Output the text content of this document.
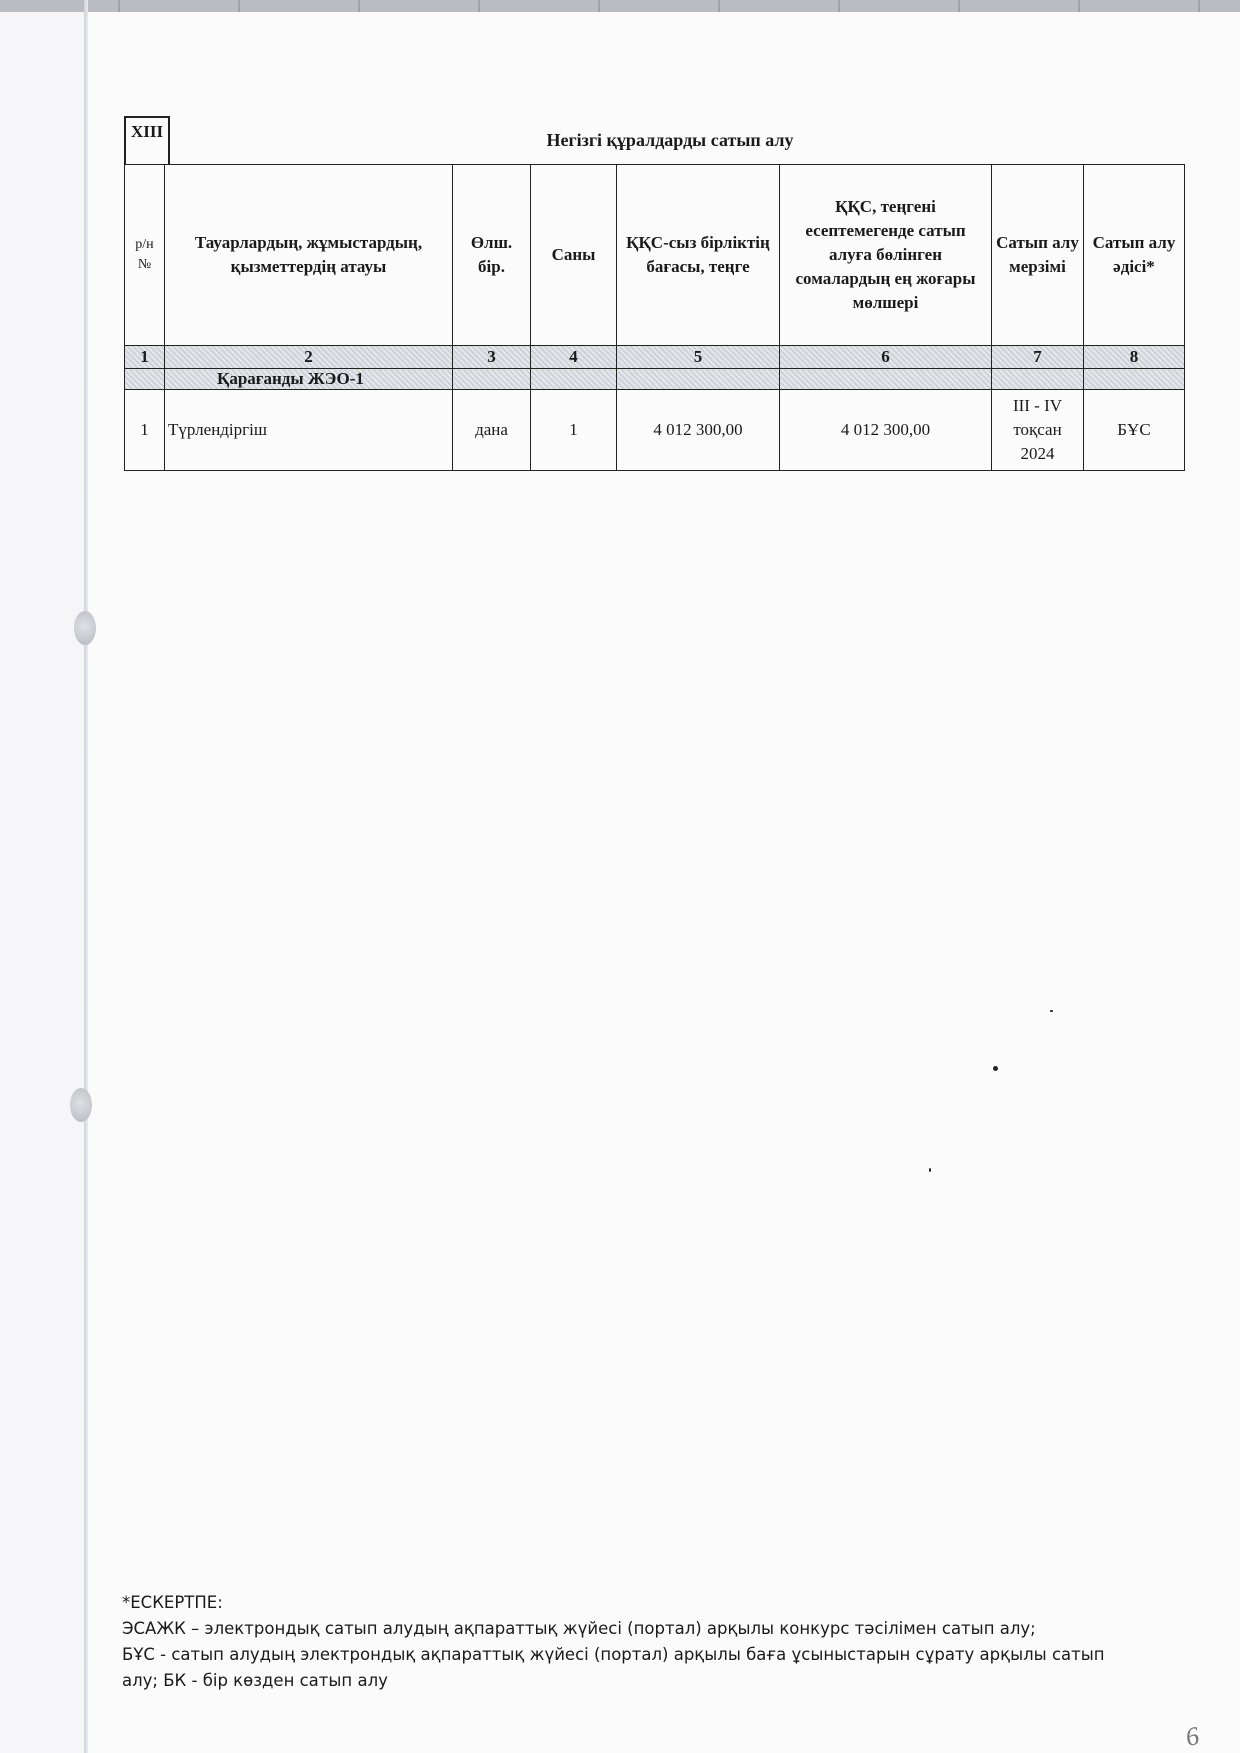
XIII	Негізгі құралдарды сатып алу
р/н №	Тауарлардың, жұмыстардың, қызметтердің атауы	Өлш. бір.	Саны	ҚҚС-сыз бірліктің бағасы, теңге	ҚҚС, теңгені есептемегенде сатып алуға бөлінген сомалардың ең жоғары мөлшері	Сатып алу мерзімі	Сатып алу әдісі*
1	2	3	4	5	6	7	8
	Қарағанды ЖЭО-1						
1	Түрлендіргіш	дана	1	4 012 300,00	4 012 300,00	III - IV тоқсан 2024	БҰС
*ЕСКЕРТПЕ:
ЭСАЖК – электрондық сатып алудың ақпараттық жүйесі (портал) арқылы конкурс тәсілімен сатып алу;
БҰС - сатып алудың электрондық ақпараттық жүйесі (портал) арқылы баға ұсыныстарын сұрату арқылы сатып алу; БК - бір көзден сатып алу
6
